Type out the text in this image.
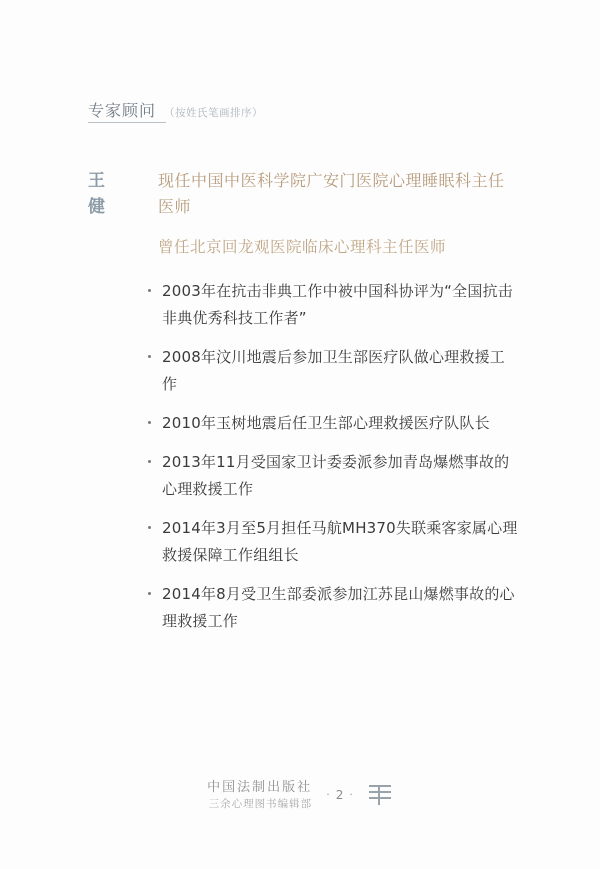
专家顾问 （按姓氏笔画排序）
王　健
现任中国中医科学院广安门医院心理睡眠科主任医师
曾任北京回龙观医院临床心理科主任医师
2003年在抗击非典工作中被中国科协评为“全国抗击非典优秀科技工作者”
2008年汶川地震后参加卫生部医疗队做心理救援工作
2010年玉树地震后任卫生部心理救援医疗队队长
2013年11月受国家卫计委委派参加青岛爆燃事故的心理救援工作
2014年3月至5月担任马航MH370失联乘客家属心理救援保障工作组组长
2014年8月受卫生部委派参加江苏昆山爆燃事故的心理救援工作
中国法制出版社
三余心理图书编辑部
· 2 ·
